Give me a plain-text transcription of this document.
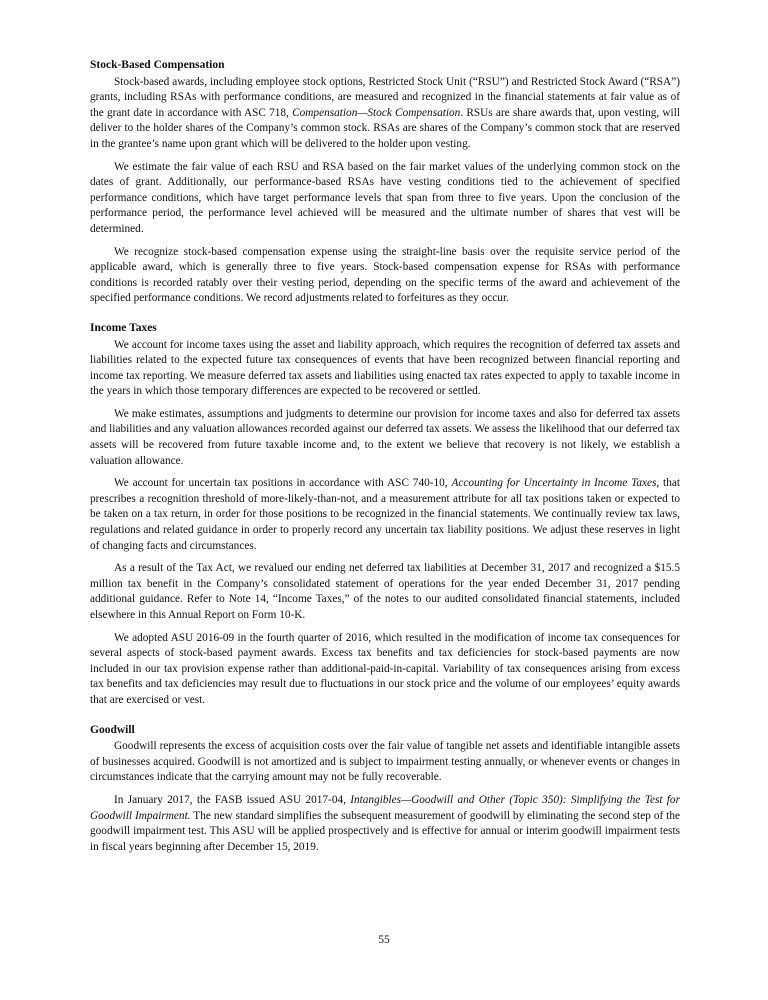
Stock-Based Compensation

Stock-based awards, including employee stock options, Restricted Stock Unit (“RSU”) and Restricted Stock Award (“RSA”) grants, including RSAs with performance conditions, are measured and recognized in the financial statements at fair value as of the grant date in accordance with ASC 718, Compensation—Stock Compensation. RSUs are share awards that, upon vesting, will deliver to the holder shares of the Company’s common stock. RSAs are shares of the Company’s common stock that are reserved in the grantee’s name upon grant which will be delivered to the holder upon vesting.

We estimate the fair value of each RSU and RSA based on the fair market values of the underlying common stock on the dates of grant. Additionally, our performance-based RSAs have vesting conditions tied to the achievement of specified performance conditions, which have target performance levels that span from three to five years. Upon the conclusion of the performance period, the performance level achieved will be measured and the ultimate number of shares that vest will be determined.

We recognize stock-based compensation expense using the straight-line basis over the requisite service period of the applicable award, which is generally three to five years. Stock-based compensation expense for RSAs with performance conditions is recorded ratably over their vesting period, depending on the specific terms of the award and achievement of the specified performance conditions. We record adjustments related to forfeitures as they occur.

Income Taxes

We account for income taxes using the asset and liability approach, which requires the recognition of deferred tax assets and liabilities related to the expected future tax consequences of events that have been recognized between financial reporting and income tax reporting. We measure deferred tax assets and liabilities using enacted tax rates expected to apply to taxable income in the years in which those temporary differences are expected to be recovered or settled.

We make estimates, assumptions and judgments to determine our provision for income taxes and also for deferred tax assets and liabilities and any valuation allowances recorded against our deferred tax assets. We assess the likelihood that our deferred tax assets will be recovered from future taxable income and, to the extent we believe that recovery is not likely, we establish a valuation allowance.

We account for uncertain tax positions in accordance with ASC 740-10, Accounting for Uncertainty in Income Taxes, that prescribes a recognition threshold of more-likely-than-not, and a measurement attribute for all tax positions taken or expected to be taken on a tax return, in order for those positions to be recognized in the financial statements. We continually review tax laws, regulations and related guidance in order to properly record any uncertain tax liability positions. We adjust these reserves in light of changing facts and circumstances.

As a result of the Tax Act, we revalued our ending net deferred tax liabilities at December 31, 2017 and recognized a $15.5 million tax benefit in the Company’s consolidated statement of operations for the year ended December 31, 2017 pending additional guidance. Refer to Note 14, “Income Taxes,” of the notes to our audited consolidated financial statements, included elsewhere in this Annual Report on Form 10-K.

We adopted ASU 2016-09 in the fourth quarter of 2016, which resulted in the modification of income tax consequences for several aspects of stock-based payment awards. Excess tax benefits and tax deficiencies for stock-based payments are now included in our tax provision expense rather than additional-paid-in-capital. Variability of tax consequences arising from excess tax benefits and tax deficiencies may result due to fluctuations in our stock price and the volume of our employees’ equity awards that are exercised or vest.

Goodwill

Goodwill represents the excess of acquisition costs over the fair value of tangible net assets and identifiable intangible assets of businesses acquired. Goodwill is not amortized and is subject to impairment testing annually, or whenever events or changes in circumstances indicate that the carrying amount may not be fully recoverable.

In January 2017, the FASB issued ASU 2017-04, Intangibles—Goodwill and Other (Topic 350): Simplifying the Test for Goodwill Impairment. The new standard simplifies the subsequent measurement of goodwill by eliminating the second step of the goodwill impairment test. This ASU will be applied prospectively and is effective for annual or interim goodwill impairment tests in fiscal years beginning after December 15, 2019.

55
